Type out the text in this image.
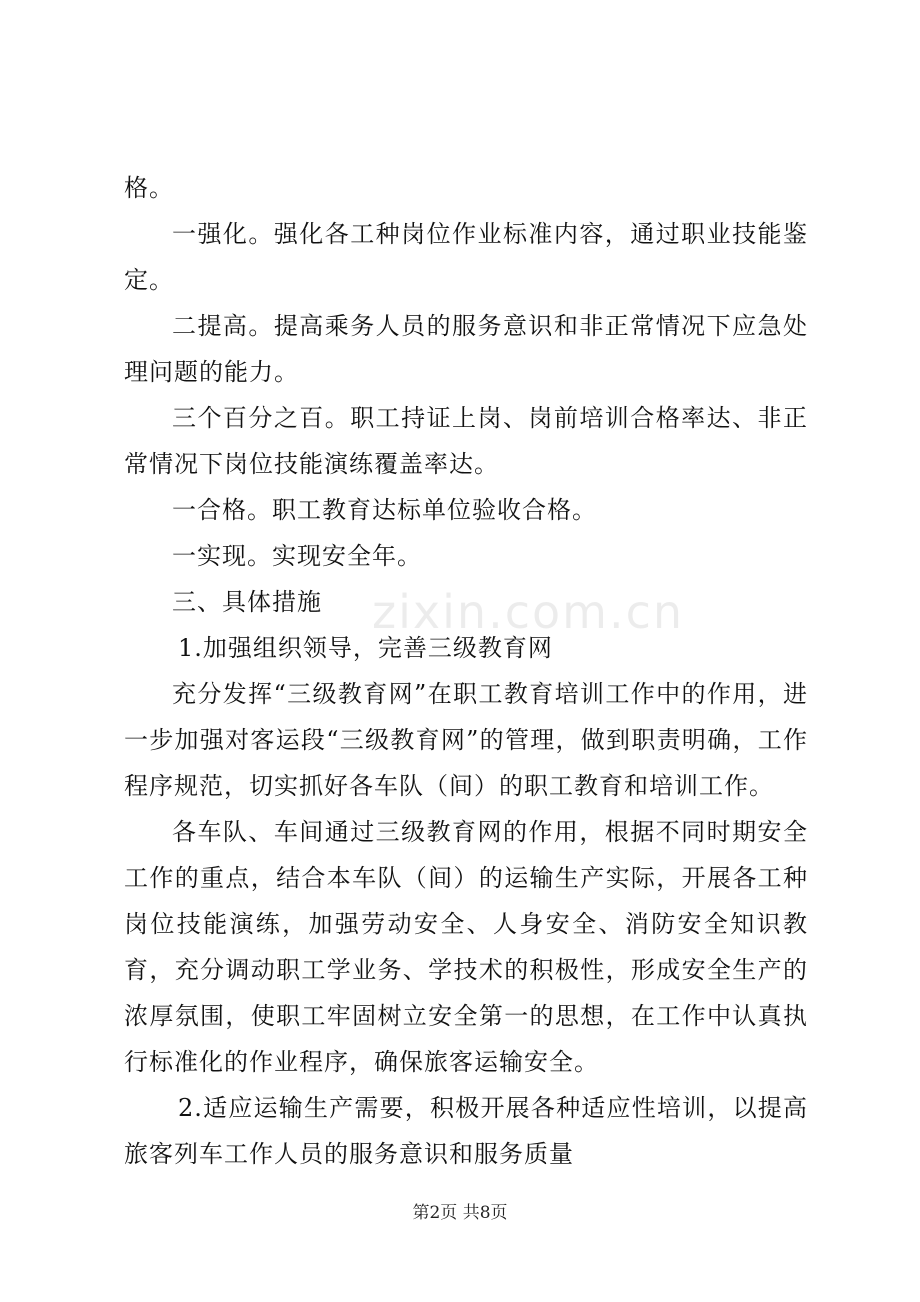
格。

一强化。强化各工种岗位作业标准内容，通过职业技能鉴定。

二提高。提高乘务人员的服务意识和非正常情况下应急处理问题的能力。

三个百分之百。职工持证上岗、岗前培训合格率达、非正常情况下岗位技能演练覆盖率达。

一合格。职工教育达标单位验收合格。

一实现。实现安全年。

三、具体措施

1.加强组织领导，完善三级教育网

充分发挥“三级教育网”在职工教育培训工作中的作用，进一步加强对客运段“三级教育网”的管理，做到职责明确，工作程序规范，切实抓好各车队（间）的职工教育和培训工作。

各车队、车间通过三级教育网的作用，根据不同时期安全工作的重点，结合本车队（间）的运输生产实际，开展各工种岗位技能演练，加强劳动安全、人身安全、消防安全知识教育，充分调动职工学业务、学技术的积极性，形成安全生产的浓厚氛围，使职工牢固树立安全第一的思想，在工作中认真执行标准化的作业程序，确保旅客运输安全。

2.适应运输生产需要，积极开展各种适应性培训，以提高旅客列车工作人员的服务意识和服务质量

zixin.com.cn
第2页 共8页
